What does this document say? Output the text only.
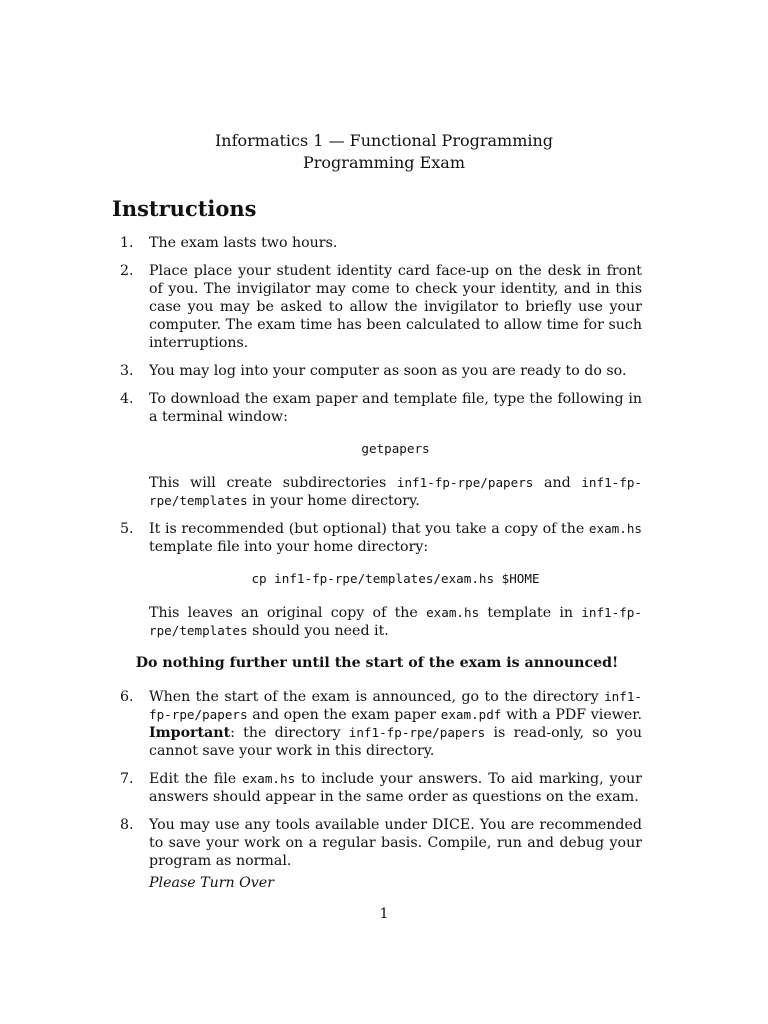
Informatics 1 — Functional Programming
Programming Exam
Instructions
1. The exam lasts two hours.
2. Place place your student identity card face-up on the desk in front of you. The invigilator may come to check your identity, and in this case you may be asked to allow the invigilator to briefly use your computer. The exam time has been calculated to allow time for such interruptions.
3. You may log into your computer as soon as you are ready to do so.
4. To download the exam paper and template file, type the following in a terminal window:
getpapers
This will create subdirectories inf1-fp-rpe/papers and inf1-fp-rpe/templates in your home directory.
5. It is recommended (but optional) that you take a copy of the exam.hs template file into your home directory:
cp inf1-fp-rpe/templates/exam.hs $HOME
This leaves an original copy of the exam.hs template in inf1-fp-rpe/templates should you need it.
Do nothing further until the start of the exam is announced!
6. When the start of the exam is announced, go to the directory inf1-fp-rpe/papers and open the exam paper exam.pdf with a PDF viewer. Important: the directory inf1-fp-rpe/papers is read-only, so you cannot save your work in this directory.
7. Edit the file exam.hs to include your answers. To aid marking, your answers should appear in the same order as questions on the exam.
8. You may use any tools available under DICE. You are recommended to save your work on a regular basis. Compile, run and debug your program as normal.
Please Turn Over
1
